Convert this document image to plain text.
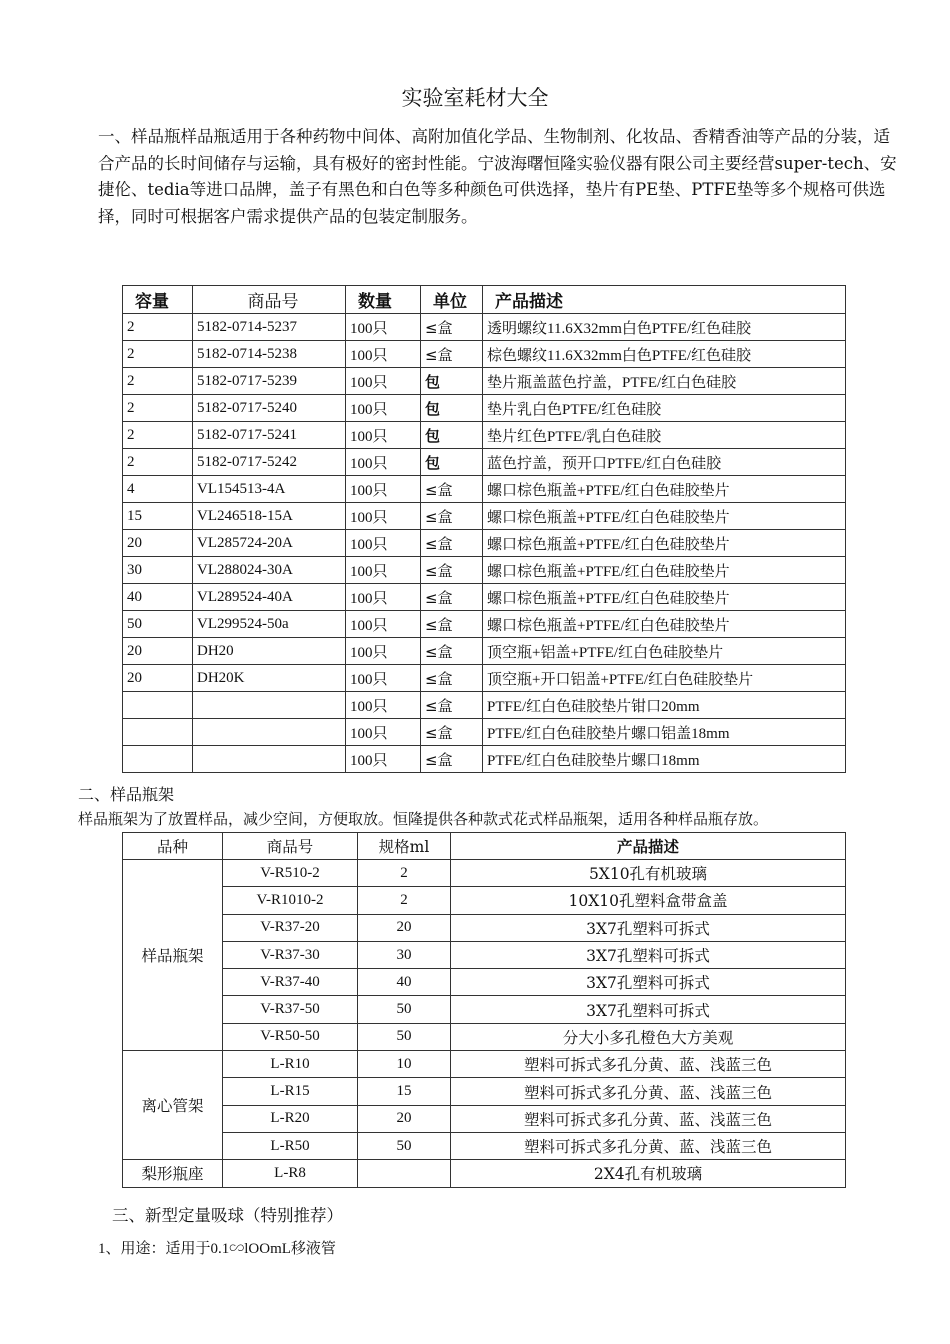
实验室耗材大全

一、样品瓶样品瓶适用于各种药物中间体、高附加值化学品、生物制剂、化妆品、香精香油等产品的分装，适合产品的长时间储存与运输，具有极好的密封性能。宁波海曙恒隆实验仪器有限公司主要经营super-tech、安捷伦、tedia等进口品牌，盖子有黑色和白色等多种颜色可供选择，垫片有PE垫、PTFE垫等多个规格可供选择，同时可根据客户需求提供产品的包装定制服务。

容量	商品号	数量	单位	产品描述
2	5182-0714-5237	100只	≤盒	透明螺纹11.6X32mm白色PTFE/红色硅胶
2	5182-0714-5238	100只	≤盒	棕色螺纹11.6X32mm白色PTFE/红色硅胶
2	5182-0717-5239	100只	包	垫片瓶盖蓝色拧盖，PTFE/红白色硅胶
2	5182-0717-5240	100只	包	垫片乳白色PTFE/红色硅胶
2	5182-0717-5241	100只	包	垫片红色PTFE/乳白色硅胶
2	5182-0717-5242	100只	包	蓝色拧盖，预开口PTFE/红白色硅胶
4	VL154513-4A	100只	≤盒	螺口棕色瓶盖+PTFE/红白色硅胶垫片
15	VL246518-15A	100只	≤盒	螺口棕色瓶盖+PTFE/红白色硅胶垫片
20	VL285724-20A	100只	≤盒	螺口棕色瓶盖+PTFE/红白色硅胶垫片
30	VL288024-30A	100只	≤盒	螺口棕色瓶盖+PTFE/红白色硅胶垫片
40	VL289524-40A	100只	≤盒	螺口棕色瓶盖+PTFE/红白色硅胶垫片
50	VL299524-50a	100只	≤盒	螺口棕色瓶盖+PTFE/红白色硅胶垫片
20	DH20	100只	≤盒	顶空瓶+铝盖+PTFE/红白色硅胶垫片
20	DH20K	100只	≤盒	顶空瓶+开口铝盖+PTFE/红白色硅胶垫片
		100只	≤盒	PTFE/红白色硅胶垫片钳口20mm
		100只	≤盒	PTFE/红白色硅胶垫片螺口铝盖18mm
		100只	≤盒	PTFE/红白色硅胶垫片螺口18mm
二、样品瓶架
样品瓶架为了放置样品，减少空间，方便取放。恒隆提供各种款式花式样品瓶架，适用各种样品瓶存放。
品种	商品号	规格ml	产品描述
样品瓶架	V-R510-2	2	5X10孔有机玻璃
	V-R1010-2	2	10X10孔塑料盒带盒盖
	V-R37-20	20	3X7孔塑料可拆式
	V-R37-30	30	3X7孔塑料可拆式
	V-R37-40	40	3X7孔塑料可拆式
	V-R37-50	50	3X7孔塑料可拆式
	V-R50-50	50	分大小多孔橙色大方美观
离心管架	L-R10	10	塑料可拆式多孔分黄、蓝、浅蓝三色
	L-R15	15	塑料可拆式多孔分黄、蓝、浅蓝三色
	L-R20	20	塑料可拆式多孔分黄、蓝、浅蓝三色
	L-R50	50	塑料可拆式多孔分黄、蓝、浅蓝三色
梨形瓶座	L-R8		2X4孔有机玻璃
三、新型定量吸球（特别推荐）
1、用途：适用于0.1∽lOOmL移液管
